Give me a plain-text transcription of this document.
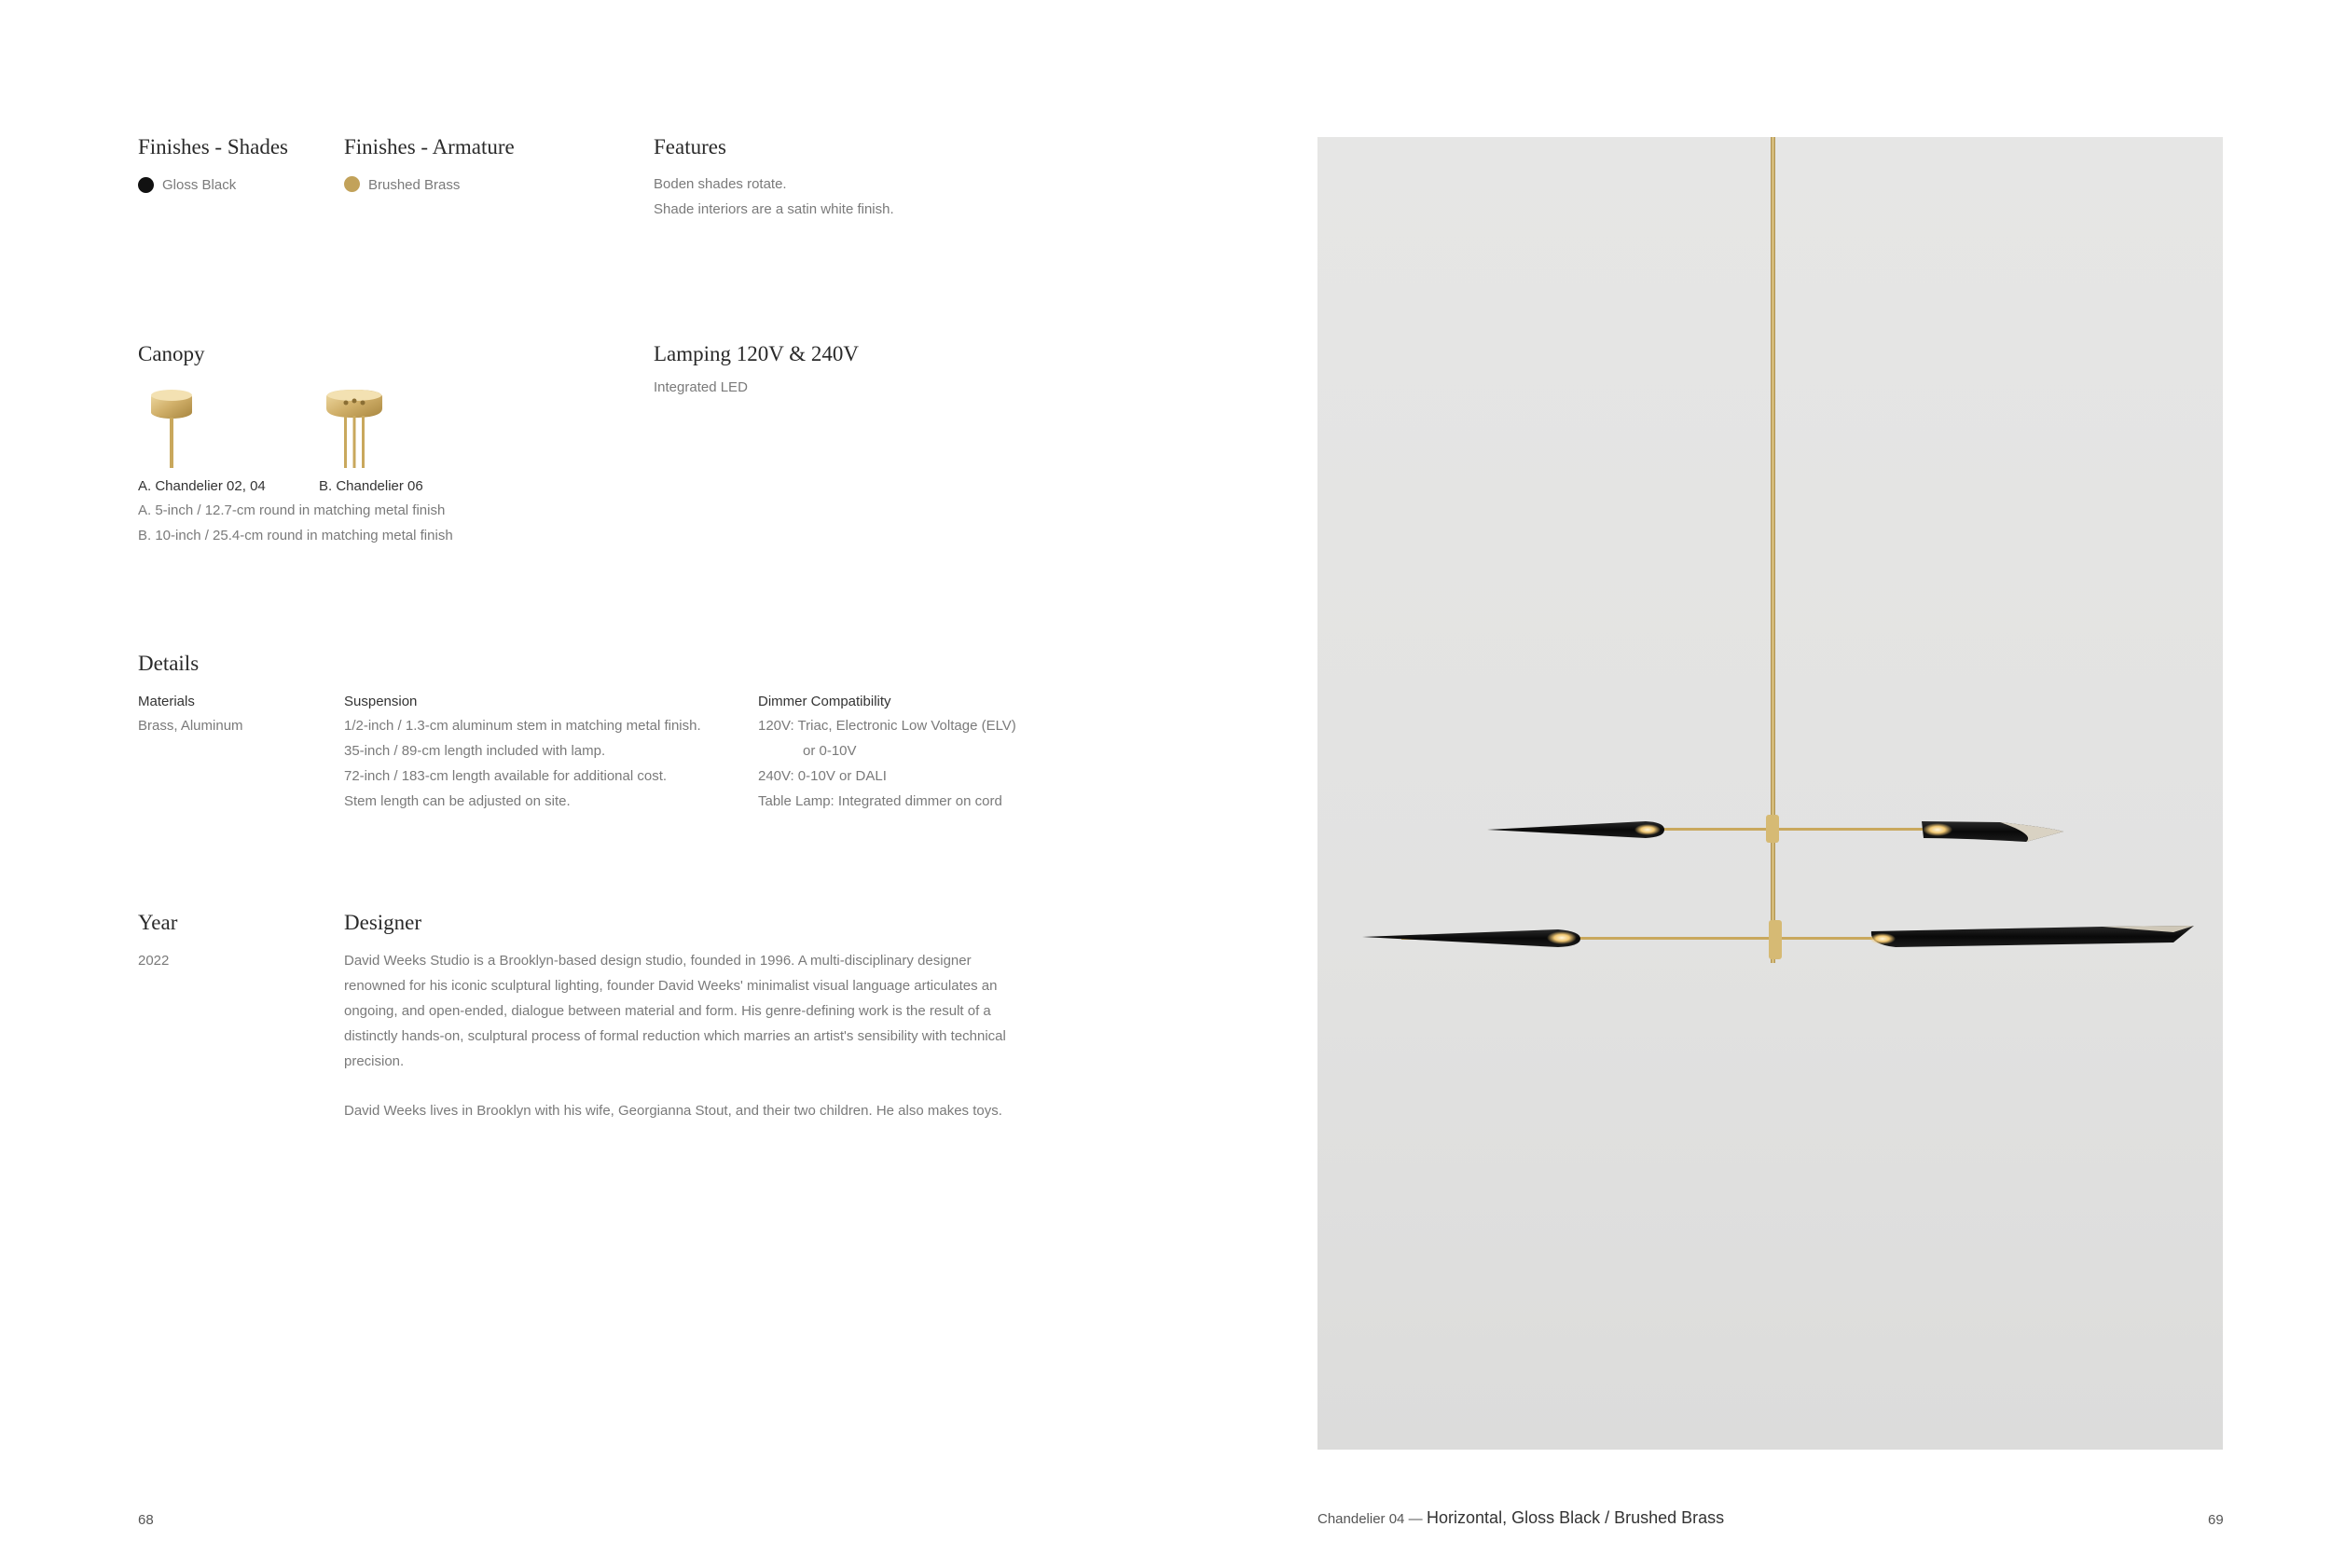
Finishes - Shades
Gloss Black
Finishes - Armature
Brushed Brass
Features
Boden shades rotate.
Shade interiors are a satin white finish.
Canopy
A. Chandelier 02, 04	B. Chandelier 06
A. 5-inch / 12.7-cm round in matching metal finish
B. 10-inch / 25.4-cm round in matching metal finish
Lamping 120V & 240V
Integrated LED
Details
Materials
Brass, Aluminum
Suspension
1/2-inch / 1.3-cm aluminum stem in matching metal finish.
35-inch / 89-cm length included with lamp.
72-inch / 183-cm length available for additional cost.
Stem length can be adjusted on site.
Dimmer Compatibility
120V: Triac, Electronic Low Voltage (ELV)
or 0-10V
240V: 0-10V or DALI
Table Lamp: Integrated dimmer on cord
Year
2022
Designer
David Weeks Studio is a Brooklyn-based design studio, founded in 1996. A multi-disciplinary designer renowned for his iconic sculptural lighting, founder David Weeks' minimalist visual language articulates an ongoing, and open-ended, dialogue between material and form. His genre-defining work is the result of a distinctly hands-on, sculptural process of formal reduction which marries an artist's sensibility with technical precision.
David Weeks lives in Brooklyn with his wife, Georgianna Stout, and their two children. He also makes toys.
68	Chandelier 04 — Horizontal, Gloss Black / Brushed Brass	69
